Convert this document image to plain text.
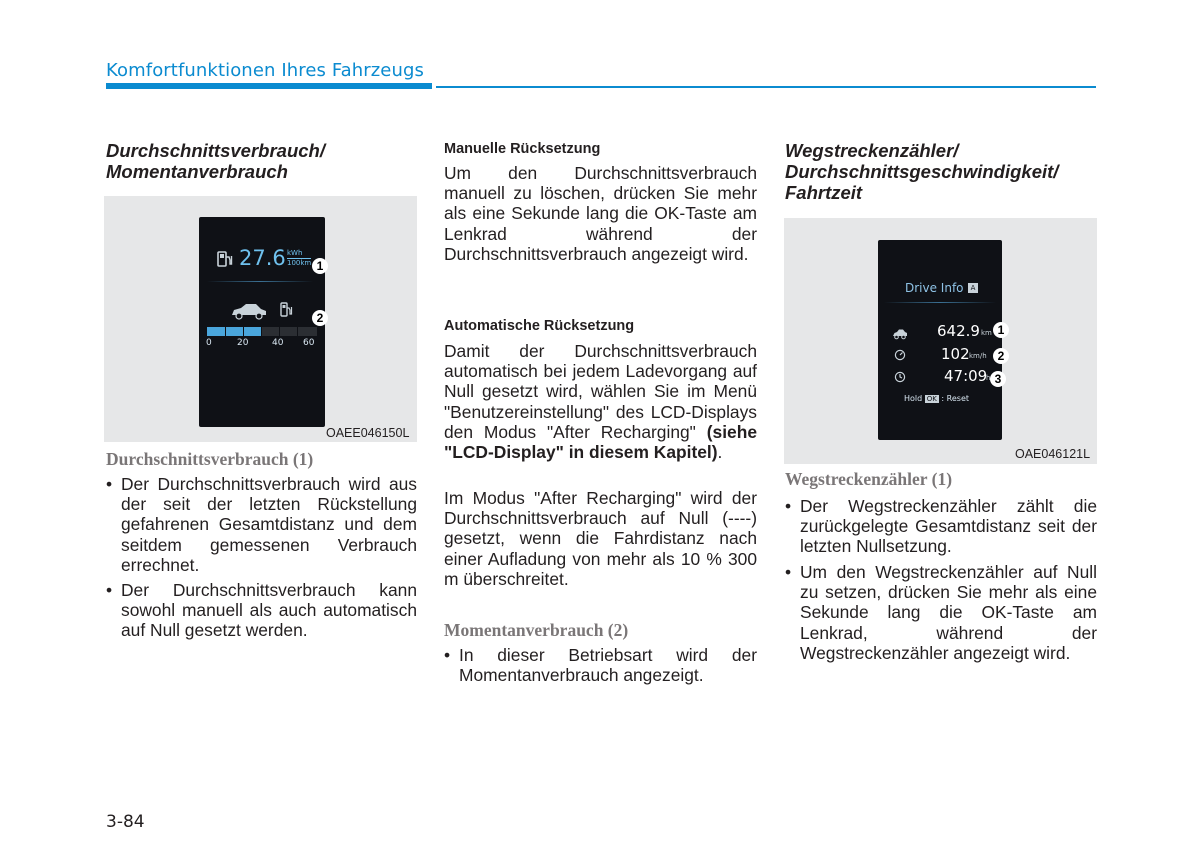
Komfortfunktionen Ihres Fahrzeugs
Durchschnittsverbrauch/
Momentanverbrauch
27.6 kWh
100km
0	20	40 60
1
2
OAEE046150L
Durchschnittsverbrauch (1)
• Der Durchschnittsverbrauch wird aus der seit der letzten Rückstellung gefahrenen Gesamtdistanz und dem seitdem gemessenen Verbrauch errechnet.
• Der Durchschnittsverbrauch kann sowohl manuell als auch automatisch auf Null gesetzt werden.
Manuelle Rücksetzung
Um den Durchschnittsverbrauch manuell zu löschen, drücken Sie mehr als eine Sekunde lang die OK-Taste am Lenkrad während der Durchschnittsverbrauch angezeigt wird.
Automatische Rücksetzung
Damit der Durchschnittsverbrauch automatisch bei jedem Ladevorgang auf Null gesetzt wird, wählen Sie im Menü "Benutzereinstellung" des LCD-Displays den Modus "After Recharging" (siehe "LCD-Display" in diesem Kapitel).
Im Modus "After Recharging" wird der Durchschnittsverbrauch auf Null (----) gesetzt, wenn die Fahrdistanz nach einer Aufladung von mehr als 10 % 300 m überschreitet.
Momentanverbrauch (2)
• In dieser Betriebsart wird der Momentanverbrauch angezeigt.
Wegstreckenzähler/
Durchschnittsgeschwindigkeit/
Fahrtzeit
Drive Info	A
642.9 km
102 km/h
47:09
h
Hold OK : Reset
1
2
3
OAE046121L
Wegstreckenzähler (1)
• Der Wegstreckenzähler zählt die zurückgelegte Gesamtdistanz seit der letzten Nullsetzung.
• Um den Wegstreckenzähler auf Null zu setzen, drücken Sie mehr als eine Sekunde lang die OK-Taste am Lenkrad, während der Wegstreckenzähler angezeigt wird.
3-84
